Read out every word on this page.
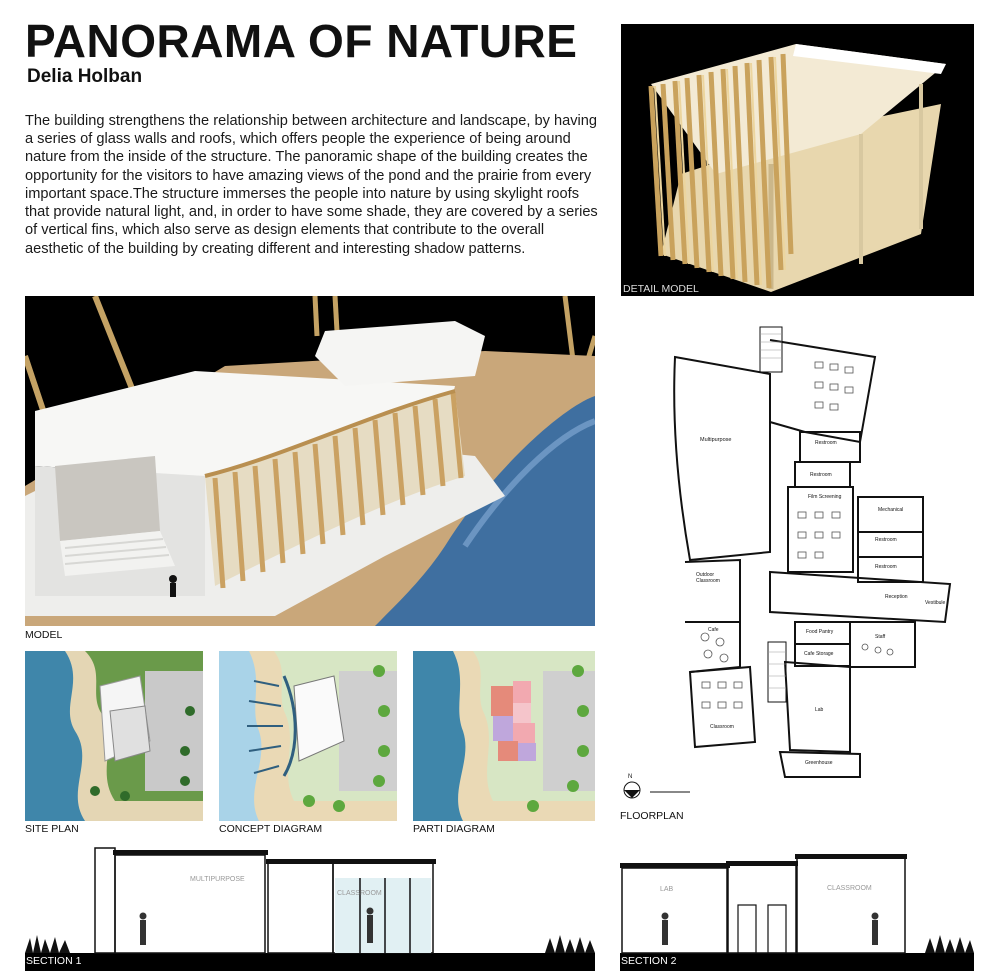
PANORAMA OF NATURE
Delia Holban
The building strengthens the relationship between architecture and landscape, by having a series of glass walls and roofs, which offers people the experience of being around nature from the inside of the structure. The panoramic shape of the building creates the opportunity for the visitors to have amazing views of the pond and the prairie from every important space.The structure immerses the people into nature by using skylight roofs that provide natural light, and, in order to have some shade, they are covered by a series of vertical fins, which also serve as design elements that contribute to the overall aesthetic of the building by creating different and interesting shadow patterns.
DETAIL MODEL
MODEL
SITE PLAN	CONCEPT DIAGRAM	PARTI DIAGRAM
Multipurpose	Restroom
Restroom
Film Screening
Mechanical
Restroom
Restroom
Outdoor Classroom
Reception
Vestibule
Cafe	Food Pantry
Cafe Storage
Staff
Classroom
Lab
Greenhouse
N
FLOORPLAN
MULTIPURPOSE
CLASSROOM
SECTION 1
LAB	CLASSROOM
SECTION 2
